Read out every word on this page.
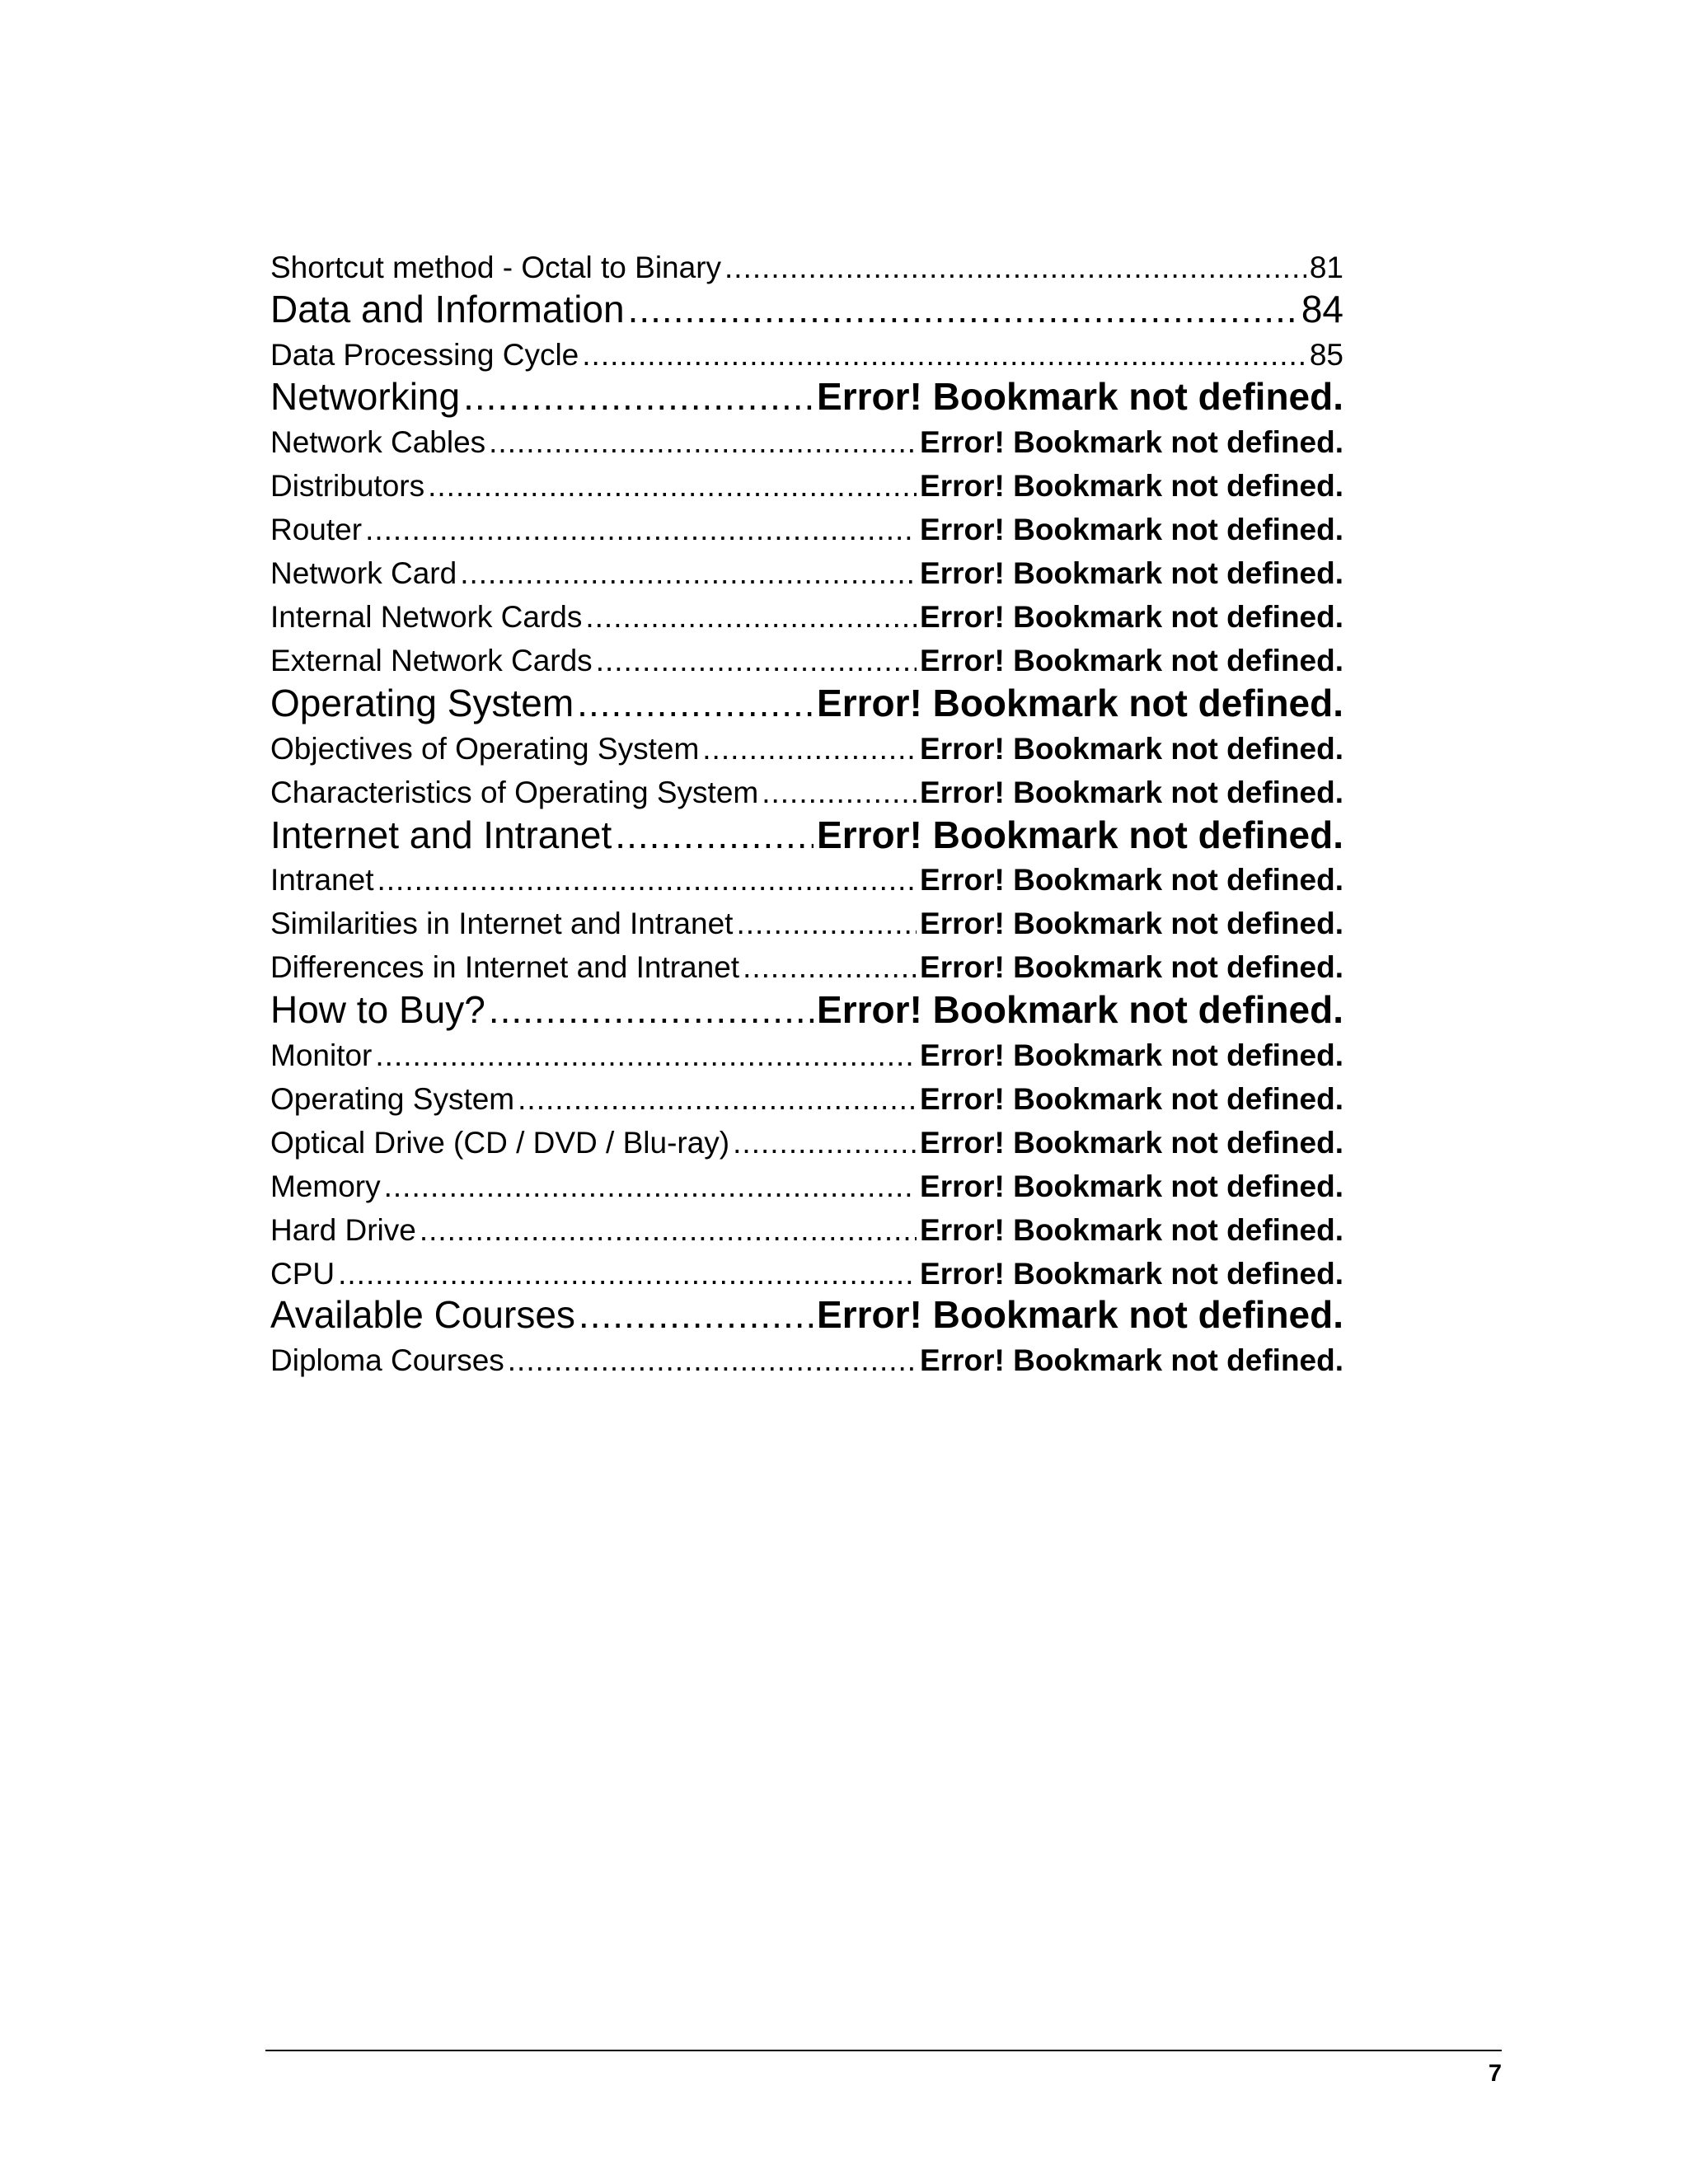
Shortcut method - Octal to Binary .....	81
Data and Information .....	84
Data Processing Cycle .....	85
Networking .....	Error! Bookmark not defined.
Network Cables .....	Error! Bookmark not defined.
Distributors .....	Error! Bookmark not defined.
Router .....	Error! Bookmark not defined.
Network Card .....	Error! Bookmark not defined.
Internal Network Cards .....	Error! Bookmark not defined.
External Network Cards .....	Error! Bookmark not defined.
Operating System .....	Error! Bookmark not defined.
Objectives of Operating System .....	Error! Bookmark not defined.
Characteristics of Operating System .....	Error! Bookmark not defined.
Internet and Intranet .....	Error! Bookmark not defined.
Intranet .....	Error! Bookmark not defined.
Similarities in Internet and Intranet .....	Error! Bookmark not defined.
Differences in Internet and Intranet .....	Error! Bookmark not defined.
How to Buy? .....	Error! Bookmark not defined.
Monitor .....	Error! Bookmark not defined.
Operating System .....	Error! Bookmark not defined.
Optical Drive (CD / DVD / Blu-ray) .....	Error! Bookmark not defined.
Memory .....	Error! Bookmark not defined.
Hard Drive .....	Error! Bookmark not defined.
CPU .....	Error! Bookmark not defined.
Available Courses .....	Error! Bookmark not defined.
Diploma Courses .....	Error! Bookmark not defined.
7
